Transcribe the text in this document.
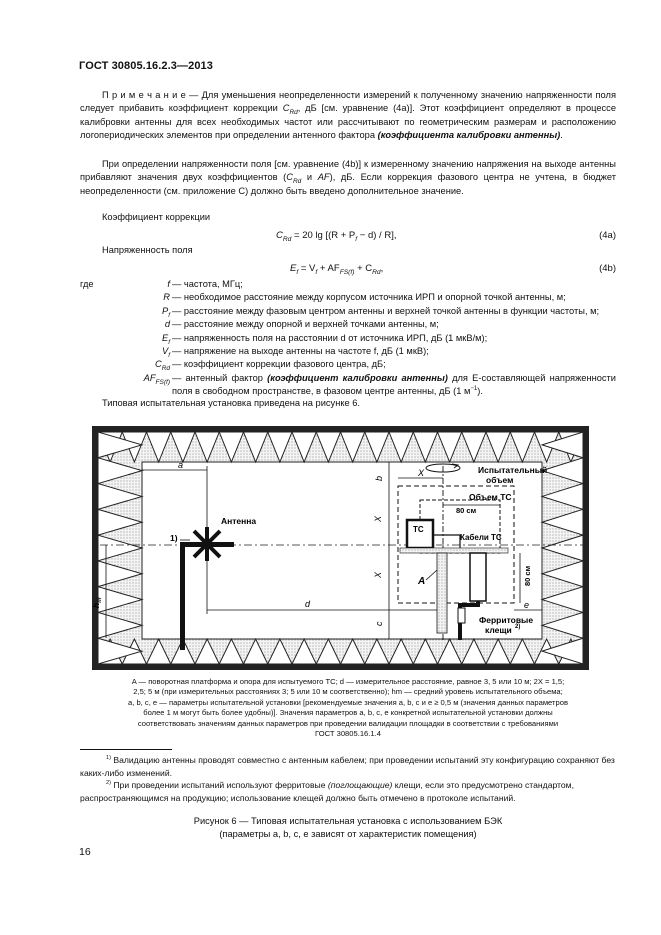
ГОСТ 30805.16.2.3—2013

П р и м е ч а н и е — Для уменьшения неопределенности измерений к полученному значению напряженности поля следует прибавить коэффициент коррекции $C_{Rd}$, дБ [см. уравнение (4а)]. Этот коэффициент определяют в процессе калибровки антенны для всех необходимых частот или рассчитывают по геометрическим размерам и расположению логопериодических элементов при определении антенного фактора (коэффициента калибровки антенны).

При определении напряженности поля [см. уравнение (4b)] к измеренному значению напряжения на выходе антенны прибавляют значения двух коэффициентов ($C_{Rd}$ и AF), дБ. Если коррекция фазового центра не учтена, в бюджет неопределенности (см. приложение С) должно быть введено дополнительное значение.

Коэффициент коррекции
$C_{Rd} = 20$ $\lg [(R + P_f - d) / R]$,	(4a)
Напряженность поля
$E_f = V_f + AF_{FS(f)} + C_{Rd}$,	(4b)
где	f — частота, МГц;
R — необходимое расстояние между корпусом источника ИРП и опорной точкой антенны, м;
$P_f$ — расстояние между фазовым центром антенны и верхней точкой антенны в функции частоты, м;
d — расстояние между опорной и верхней точками антенны, м;
$E_f$ — напряженность поля на расстоянии d от источника ИРП, дБ (1 мкВ/м);
$V_f$ — напряжение на выходе антенны на частоте f, дБ (1 мкВ);
$C_{Rd}$ — коэффициент коррекции фазового центра, дБ;
$AF_{FS(f)}$ — антенный фактор (коэффициент калибровки антенны) для Е-составляющей напряженности поля в свободном пространстве, в фазовом центре антенны, дБ (1 $м^{-1}$).
Типовая испытательная установка приведена на рисунке 6.
Антенна
1)
a
d
$h_m$
Испытательный
объем
Объем ТС
X
X
X
b
c
80 см
ТС
Кабели ТС
A
Ферритовые
клещи 2)
80 см
e
A — поворотная платформа и опора для испытуемого ТС; d — измерительное расстояние, равное 3, 5 или 10 м; 2X = 1,5;
2,5; 5 м (при измерительных расстояниях 3; 5 или 10 м соответственно); hm — средний уровень испытательного объема;
a, b, c, e — параметры испытательной установки [рекомендуемые значения a, b, c и e ≥ 0,5 м (значения данных параметров
более 1 м могут быть более удобны)]. Значения параметров a, b, c, e конкретной испытательной установки должны
соответствовать значениям данных параметров при проведении валидации площадки в соответствии с требованиями
ГОСТ 30805.16.1.4

$^{1)}$ Валидацию антенны проводят совместно с антенным кабелем; при проведении испытаний эту конфигурацию сохраняют без каких-либо изменений.

$^{2)}$ При проведении испытаний используют ферритовые (поглощающие) клещи, если это предусмотрено стандартом, распространяющимся на продукцию; использование клещей должно быть отмечено в протоколе испытаний.

Рисунок 6 — Типовая испытательная установка с использованием БЭК
(параметры a, b, c, e зависят от характеристик помещения)
16
